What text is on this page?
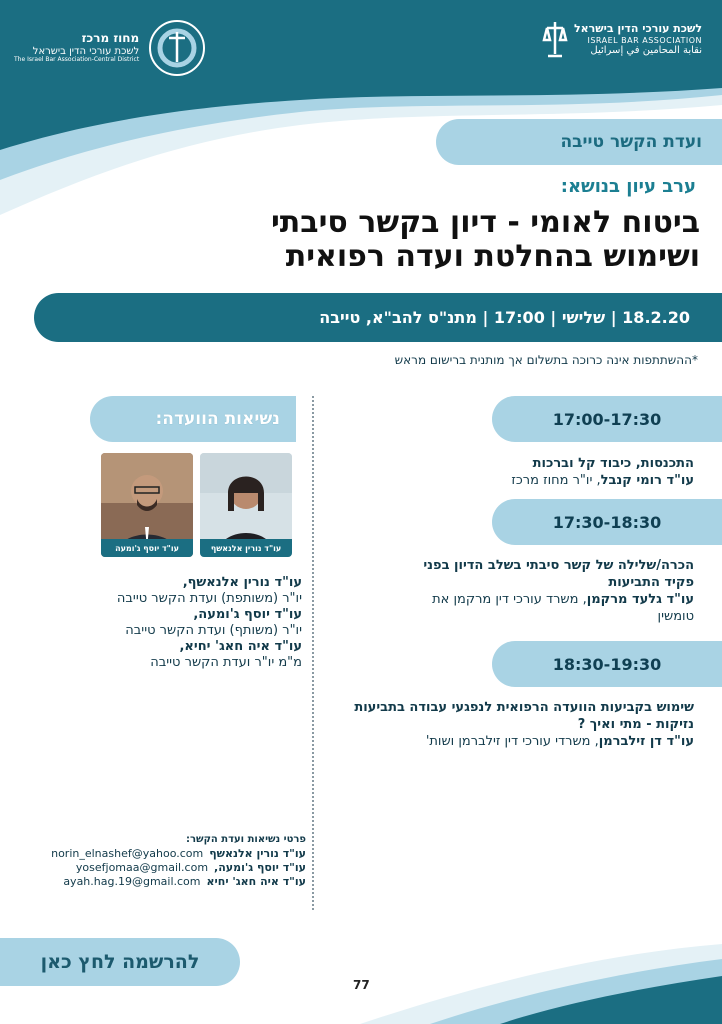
לשכת עורכי הדין בישראל
ISRAEL BAR ASSOCIATION
نقابة المحامين في إسرائيل
מחוז מרכז
לשכת עורכי הדין בישראל
The Israel Bar Association-Central District
ועדת הקשר טייבה
ערב עיון בנושא:
ביטוח לאומי - דיון בקשר סיבתי
ושימוש בהחלטת ועדה רפואית
18.2.20 | שלישי | 17:00 | מתנ"ס להב"א, טייבה
*ההשתתפות אינה כרוכה בתשלום אך מותנית ברישום מראש
17:00-17:30
התכנסות, כיבוד קל וברכות
עו"ד רומי קנבל, יו"ר מחוז מרכז
17:30-18:30
הכרה/שלילה של קשר סיבתי בשלב הדיון בפני פקיד התביעות
עו"ד גלעד מרקמן, משרד עורכי דין מרקמן את טומשין
18:30-19:30
שימוש בקביעות הוועדה הרפואית לנפגעי עבודה בתביעות נזיקות - מתי ואיך ?
עו"ד דן זילברמן, משרדי עורכי דין זילברמן ושות'
נשיאות הוועדה:
עו"ד נורין אלנאשף
עו"ד יוסף ג'ומעה
עו"ד נורין אלנאשף,
יו"ר (משותפת) ועדת הקשר טייבה
עו"ד יוסף ג'ומעה,
יו"ר (משותף) ועדת הקשר טייבה
עו"ד איה חאג' יחיא,
מ"מ יו"ר ועדת הקשר טייבה
פרטי נשיאות ועדת הקשר:
עו"ד נורין אלנאשף
norin_elnashef@yahoo.com
עו"ד יוסף ג'ומעה,
yosefjomaa@gmail.com
עו"ד איה חאג' יחיא
ayah.hag.19@gmail.com
להרשמה לחץ כאן
77
